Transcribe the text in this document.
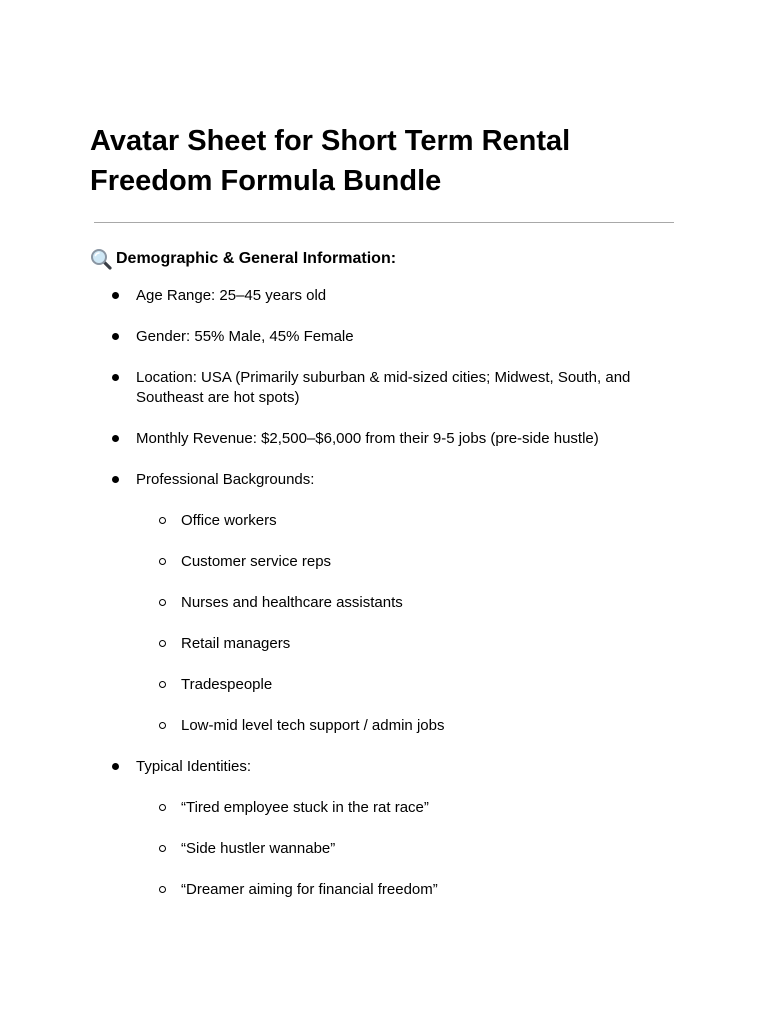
Avatar Sheet for Short Term Rental Freedom Formula Bundle
Demographic & General Information:
Age Range: 25–45 years old
Gender: 55% Male, 45% Female
Location: USA (Primarily suburban & mid-sized cities; Midwest, South, and Southeast are hot spots)
Monthly Revenue: $2,500–$6,000 from their 9-5 jobs (pre-side hustle)
Professional Backgrounds:
Office workers
Customer service reps
Nurses and healthcare assistants
Retail managers
Tradespeople
Low-mid level tech support / admin jobs
Typical Identities:
“Tired employee stuck in the rat race”
“Side hustler wannabe”
“Dreamer aiming for financial freedom”
